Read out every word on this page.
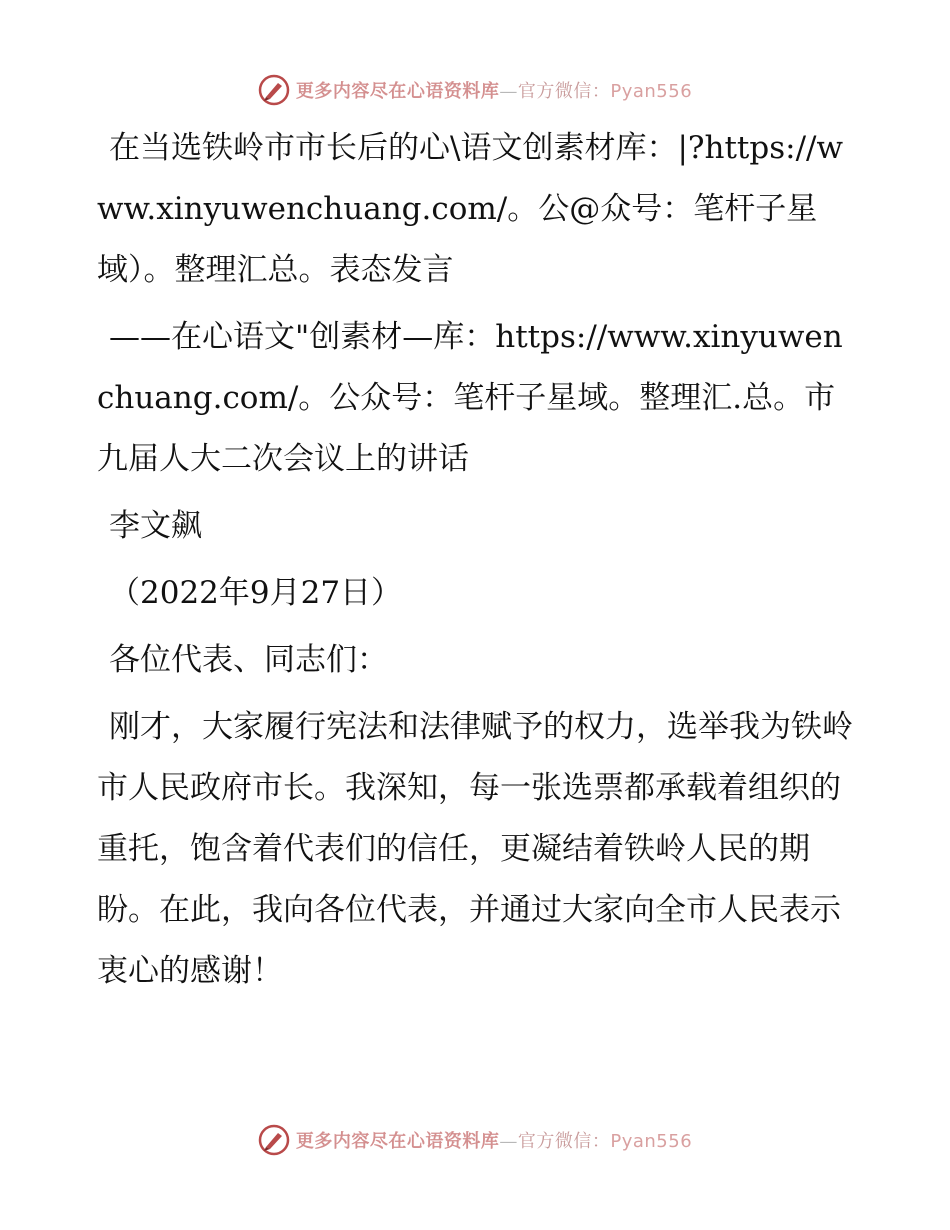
更多内容尽在心语资料库—官方微信：Pyan556

在当选铁岭市市长后的心\语文创素材库：|?https://www.xinyuwenchuang.com/。公@众号：笔杆子星域）。整理汇总。表态发言

——在心语文"创素材—库：https://www.xinyuwenchuang.com/。公众号：笔杆子星域。整理汇.总。市九届人大二次会议上的讲话

李文飙

（2022年9月27日）

各位代表、同志们：

刚才，大家履行宪法和法律赋予的权力，选举我为铁岭市人民政府市长。我深知，每一张选票都承载着组织的重托，饱含着代表们的信任，更凝结着铁岭人民的期盼。在此，我向各位代表，并通过大家向全市人民表示衷心的感谢！

更多内容尽在心语资料库—官方微信：Pyan556
